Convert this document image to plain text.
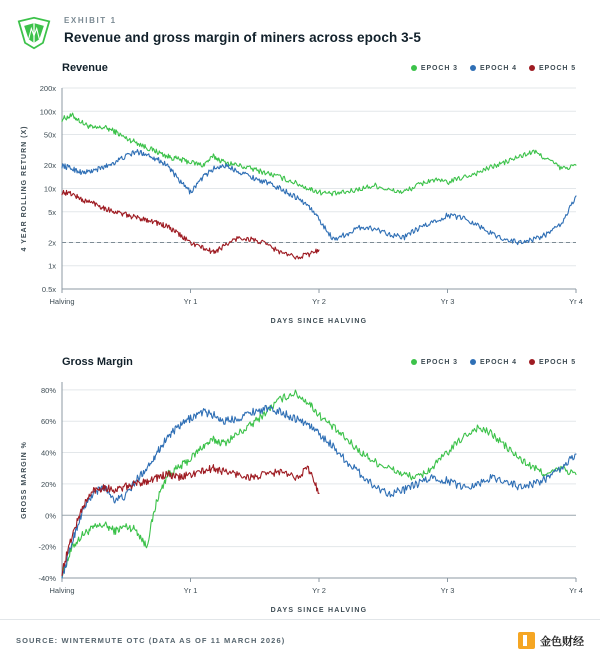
EXHIBIT 1
Revenue and gross margin of miners across epoch 3-5
Revenue	EPOCH 3	EPOCH 4	EPOCH 5
0.5x
1x
2x
5x
10x
20x
50x
100x
200x
Halving	Yr 1	Yr 2	Yr 3	Yr 4
4 YEAR ROLLING RETURN (X)
DAYS SINCE HALVING
Gross Margin	EPOCH 3	EPOCH 4	EPOCH 5
-40%
-20%
0%
20%
40%
60%
80%
Halving	Yr 1	Yr 2	Yr 3	Yr 4
GROSS MARGIN %
DAYS SINCE HALVING
SOURCE: WINTERMUTE OTC (DATA AS OF 11 MARCH 2026)	金色财经
